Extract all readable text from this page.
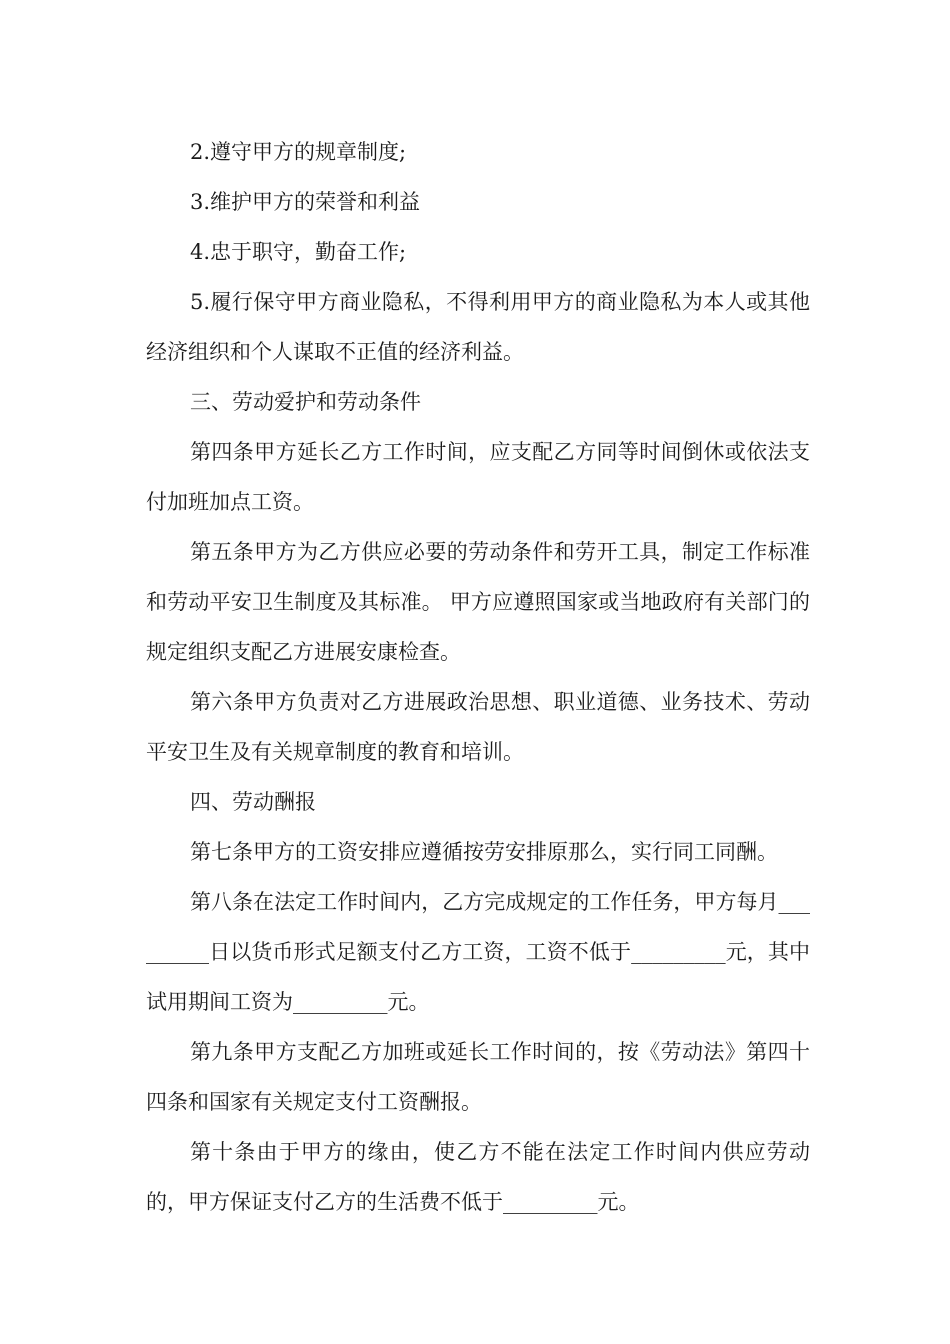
2.遵守甲方的规章制度;

3.维护甲方的荣誉和利益

4.忠于职守，勤奋工作;

5.履行保守甲方商业隐私，不得利用甲方的商业隐私为本人或其他经济组织和个人谋取不正值的经济利益。

三、劳动爱护和劳动条件

第四条甲方延长乙方工作时间，应支配乙方同等时间倒休或依法支付加班加点工资。

第五条甲方为乙方供应必要的劳动条件和劳开工具，制定工作标准和劳动平安卫生制度及其标准。 甲方应遵照国家或当地政府有关部门的规定组织支配乙方进展安康检查。

第六条甲方负责对乙方进展政治思想、职业道德、业务技术、劳动平安卫生及有关规章制度的教育和培训。

四、劳动酬报

第七条甲方的工资安排应遵循按劳安排原那么，实行同工同酬。

第八条在法定工作时间内，乙方完成规定的工作任务，甲方每月_________日以货币形式足额支付乙方工资，工资不低于_________元，其中试用期间工资为_________元。

第九条甲方支配乙方加班或延长工作时间的，按《劳动法》第四十四条和国家有关规定支付工资酬报。

第十条由于甲方的缘由，使乙方不能在法定工作时间内供应劳动的，甲方保证支付乙方的生活费不低于_________元。
